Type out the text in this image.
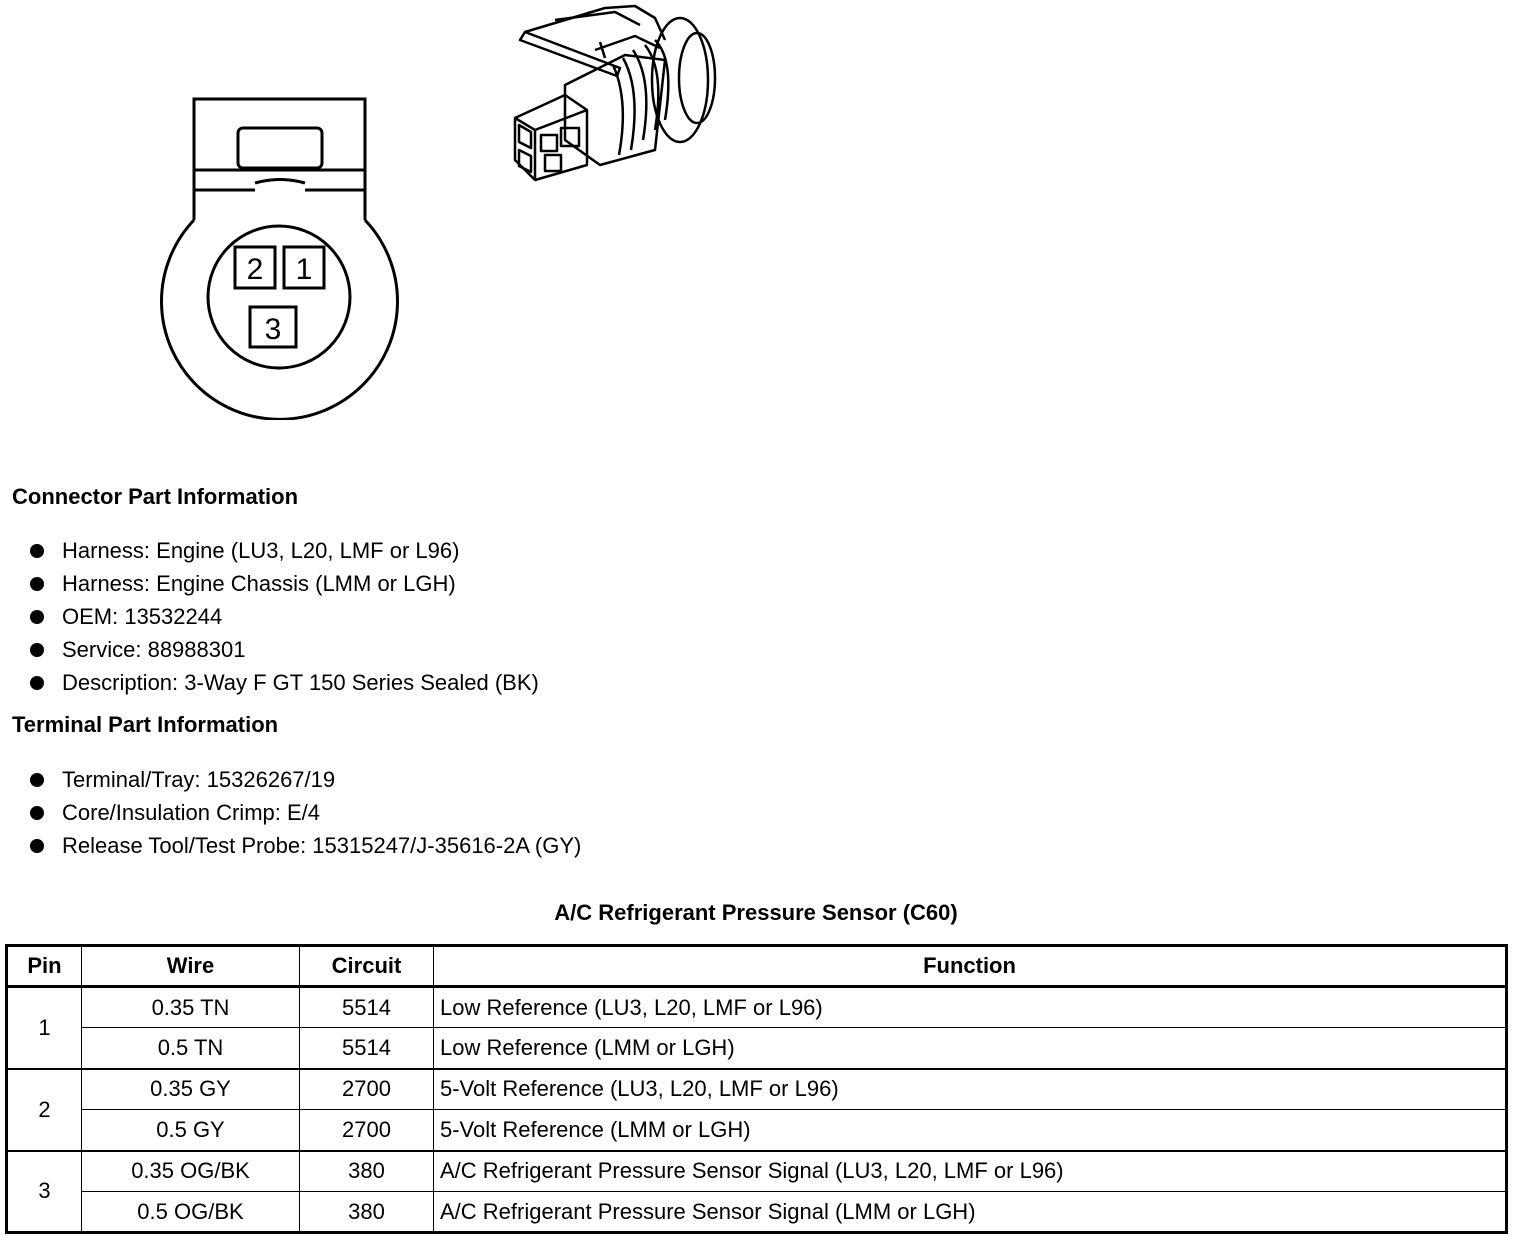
2 1
3
Connector Part Information
Harness: Engine (LU3, L20, LMF or L96)
Harness: Engine Chassis (LMM or LGH)
OEM: 13532244
Service: 88988301
Description: 3-Way F GT 150 Series Sealed (BK)
Terminal Part Information
Terminal/Tray: 15326267/19
Core/Insulation Crimp: E/4
Release Tool/Test Probe: 15315247/J-35616-2A (GY)
A/C Refrigerant Pressure Sensor (C60)
Pin	Wire	Circuit	Function
1	0.35 TN	5514	Low Reference (LU3, L20, LMF or L96)
	0.5 TN	5514	Low Reference (LMM or LGH)
2	0.35 GY	2700	5-Volt Reference (LU3, L20, LMF or L96)
	0.5 GY	2700	5-Volt Reference (LMM or LGH)
3	0.35 OG/BK	380	A/C Refrigerant Pressure Sensor Signal (LU3, L20, LMF or L96)
	0.5 OG/BK	380	A/C Refrigerant Pressure Sensor Signal (LMM or LGH)
